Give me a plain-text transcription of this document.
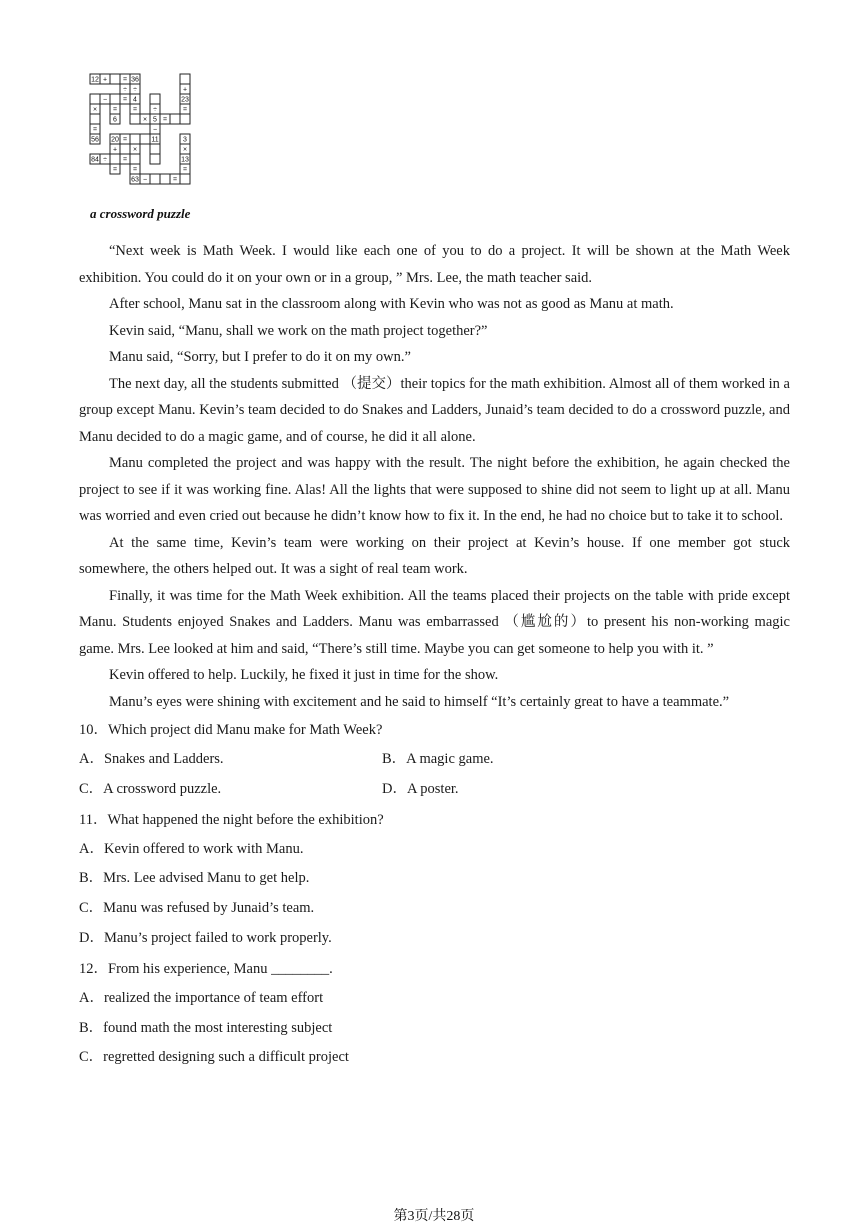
12 + = 36
÷ ÷	+
− = 4	23
× = = ÷	=
6	× 5 =
=	−
56 20 =	11	3
+ ×	×
84 ÷ =	13
= =	=
63 −	=
a crossword puzzle

“Next week is Math Week. I would like each one of you to do a project. It will be shown at the Math Week exhibition. You could do it on your own or in a group, ” Mrs. Lee, the math teacher said.

After school, Manu sat in the classroom along with Kevin who was not as good as Manu at math.

Kevin said, “Manu, shall we work on the math project together?”

Manu said, “Sorry, but I prefer to do it on my own.”

The next day, all the students submitted （提交）their topics for the math exhibition. Almost all of them worked in a group except Manu. Kevin’s team decided to do Snakes and Ladders, Junaid’s team decided to do a crossword puzzle, and Manu decided to do a magic game, and of course, he did it all alone.

Manu completed the project and was happy with the result. The night before the exhibition, he again checked the project to see if it was working fine. Alas! All the lights that were supposed to shine did not seem to light up at all. Manu was worried and even cried out because he didn’t know how to fix it. In the end, he had no choice but to take it to school.

At the same time, Kevin’s team were working on their project at Kevin’s house. If one member got stuck somewhere, the others helped out. It was a sight of real team work.

Finally, it was time for the Math Week exhibition. All the teams placed their projects on the table with pride except Manu. Students enjoyed Snakes and Ladders. Manu was embarrassed （尴尬的）to present his non-working magic game. Mrs. Lee looked at him and said, “There’s still time. Maybe you can get someone to help you with it. ”

Kevin offered to help. Luckily, he fixed it just in time for the show.

Manu’s eyes were shining with excitement and he said to himself “It’s certainly great to have a teammate.”

10．Which project did Manu make for Math Week?

A．Snakes and Ladders.	B．A magic game.
C．A crossword puzzle.	D．A poster.

11．What happened the night before the exhibition?

A．Kevin offered to work with Manu.
B．Mrs. Lee advised Manu to get help.
C．Manu was refused by Junaid’s team.
D．Manu’s project failed to work properly.

12．From his experience, Manu ________.

A．realized the importance of team effort
B．found math the most interesting subject
C．regretted designing such a difficult project
第3页/共28页
